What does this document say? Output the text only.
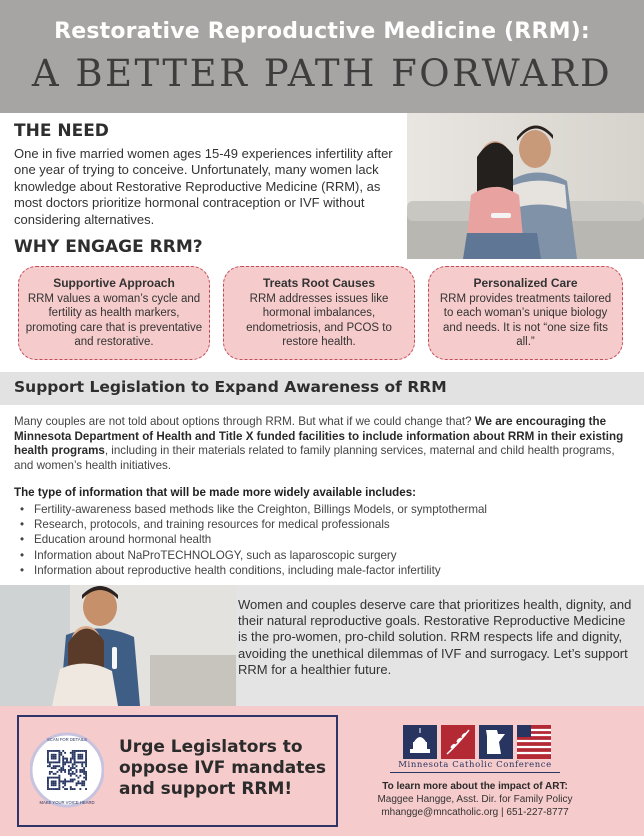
Restorative Reproductive Medicine (RRM):
A BETTER PATH FORWARD
THE NEED
One in five married women ages 15-49 experiences infertility after one year of trying to conceive. Unfortunately, many women lack knowledge about Restorative Reproductive Medicine (RRM), as most doctors prioritize hormonal contraception or IVF without considering alternatives.
WHY ENGAGE RRM?
Supportive Approach
RRM values a woman’s cycle and fertility as health markers, promoting care that is preventative and restorative.
Treats Root Causes
RRM addresses issues like hormonal imbalances, endometriosis, and PCOS to restore health.
Personalized Care
RRM provides treatments tailored to each woman’s unique biology and needs. It is not “one size fits all.”
Support Legislation to Expand Awareness of RRM
Many couples are not told about options through RRM. But what if we could change that? We are encouraging the Minnesota Department of Health and Title X funded facilities to include information about RRM in their existing health programs, including in their materials related to family planning services, maternal and child health programs, and women’s health initiatives.
The type of information that will be made more widely available includes:
• Fertility-awareness based methods like the Creighton, Billings Models, or symptothermal
• Research, protocols, and training resources for medical professionals
• Education around hormonal health
• Information about NaProTECHNOLOGY, such as laparoscopic surgery
• Information about reproductive health conditions, including male-factor infertility
Women and couples deserve care that prioritizes health, dignity, and their natural reproductive goals. Restorative Reproductive Medicine is the pro-women, pro-child solution. RRM respects life and dignity, avoiding the unethical dilemmas of IVF and surrogacy. Let’s support RRM for a healthier future.
SCAN FOR DETAILS
MAKE YOUR VOICE HEARD
Urge Legislators to oppose IVF mandates and support RRM!
Minnesota Catholic Conference
To learn more about the impact of ART:
Maggee Hangge, Asst. Dir. for Family Policy
mhangge@mncatholic.org | 651-227-8777
